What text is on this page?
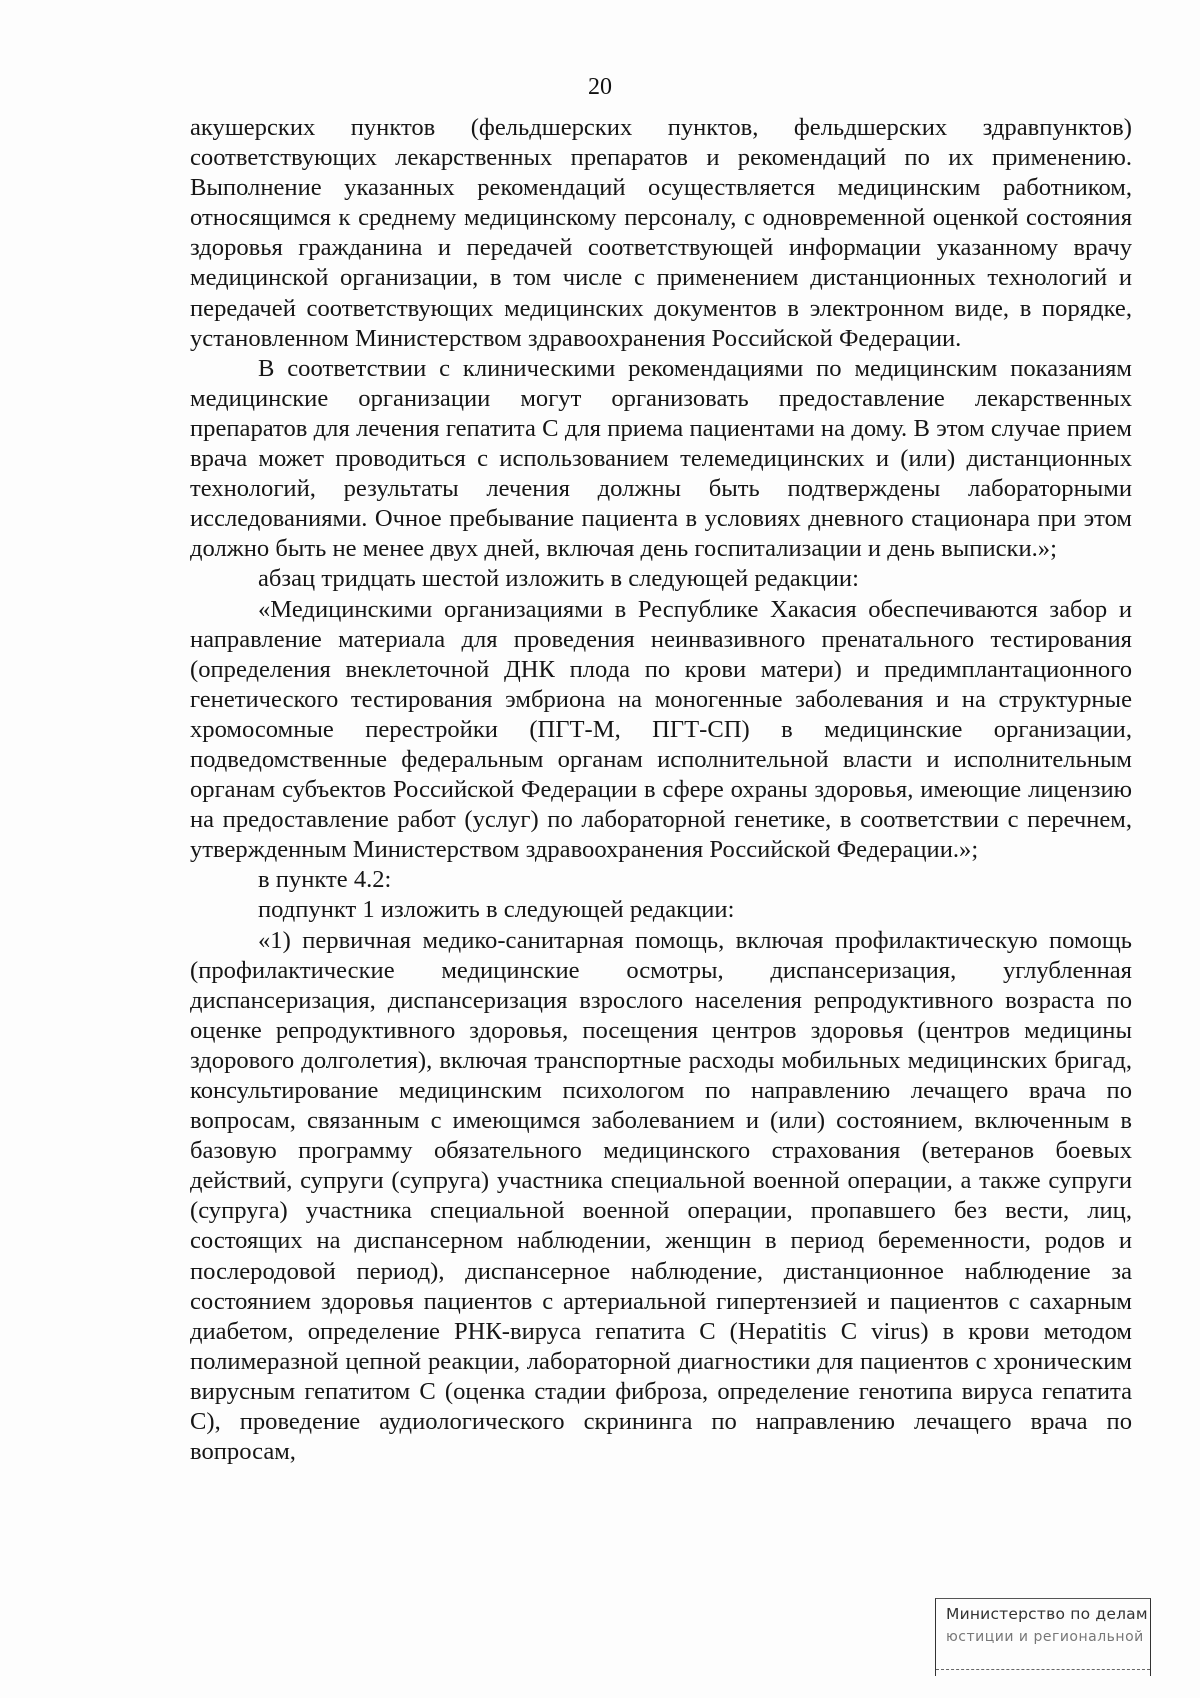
20

акушерских пунктов (фельдшерских пунктов, фельдшерских здравпунктов) соответствующих лекарственных препаратов и рекомендаций по их применению. Выполнение указанных рекомендаций осуществляется медицинским работником, относящимся к среднему медицинскому персоналу, с одновременной оценкой состояния здоровья гражданина и передачей соответствующей информации указанному врачу медицинской организации, в том числе с применением дистанционных технологий и передачей соответствующих медицинских документов в электронном виде, в порядке, установленном Министерством здравоохранения Российской Федерации.

В соответствии с клиническими рекомендациями по медицинским показаниям медицинские организации могут организовать предоставление лекарственных препаратов для лечения гепатита С для приема пациентами на дому. В этом случае прием врача может проводиться с использованием телемедицинских и (или) дистанционных технологий, результаты лечения должны быть подтверждены лабораторными исследованиями. Очное пребывание пациента в условиях дневного стационара при этом должно быть не менее двух дней, включая день госпитализации и день выписки.»;

абзац тридцать шестой изложить в следующей редакции:

«Медицинскими организациями в Республике Хакасия обеспечиваются забор и направление материала для проведения неинвазивного пренатального тестирования (определения внеклеточной ДНК плода по крови матери) и предимплантационного генетического тестирования эмбриона на моногенные заболевания и на структурные хромосомные перестройки (ПГТ-М, ПГТ-СП) в медицинские организации, подведомственные федеральным органам исполнительной власти и исполнительным органам субъектов Российской Федерации в сфере охраны здоровья, имеющие лицензию на предоставление работ (услуг) по лабораторной генетике, в соответствии с перечнем, утвержденным Министерством здравоохранения Российской Федерации.»;

в пункте 4.2:

подпункт 1 изложить в следующей редакции:

«1) первичная медико-санитарная помощь, включая профилактическую помощь (профилактические медицинские осмотры, диспансеризация, углубленная диспансеризация, диспансеризация взрослого населения репродуктивного возраста по оценке репродуктивного здоровья, посещения центров здоровья (центров медицины здорового долголетия), включая транспортные расходы мобильных медицинских бригад, консультирование медицинским психологом по направлению лечащего врача по вопросам, связанным с имеющимся заболеванием и (или) состоянием, включенным в базовую программу обязательного медицинского страхования (ветеранов боевых действий, супруги (супруга) участника специальной военной операции, а также супруги (супруга) участника специальной военной операции, пропавшего без вести, лиц, состоящих на диспансерном наблюдении, женщин в период беременности, родов и послеродовой период), диспансерное наблюдение, дистанционное наблюдение за состоянием здоровья пациентов с артериальной гипертензией и пациентов с сахарным диабетом, определение РНК-вируса гепатита С (Hepatitis C virus) в крови методом полимеразной цепной реакции, лабораторной диагностики для пациентов с хроническим вирусным гепатитом С (оценка стадии фиброза, определение генотипа вируса гепатита С), проведение аудиологического скрининга по направлению лечащего врача по вопросам,

Министерство по делам
юстиции и региональной
